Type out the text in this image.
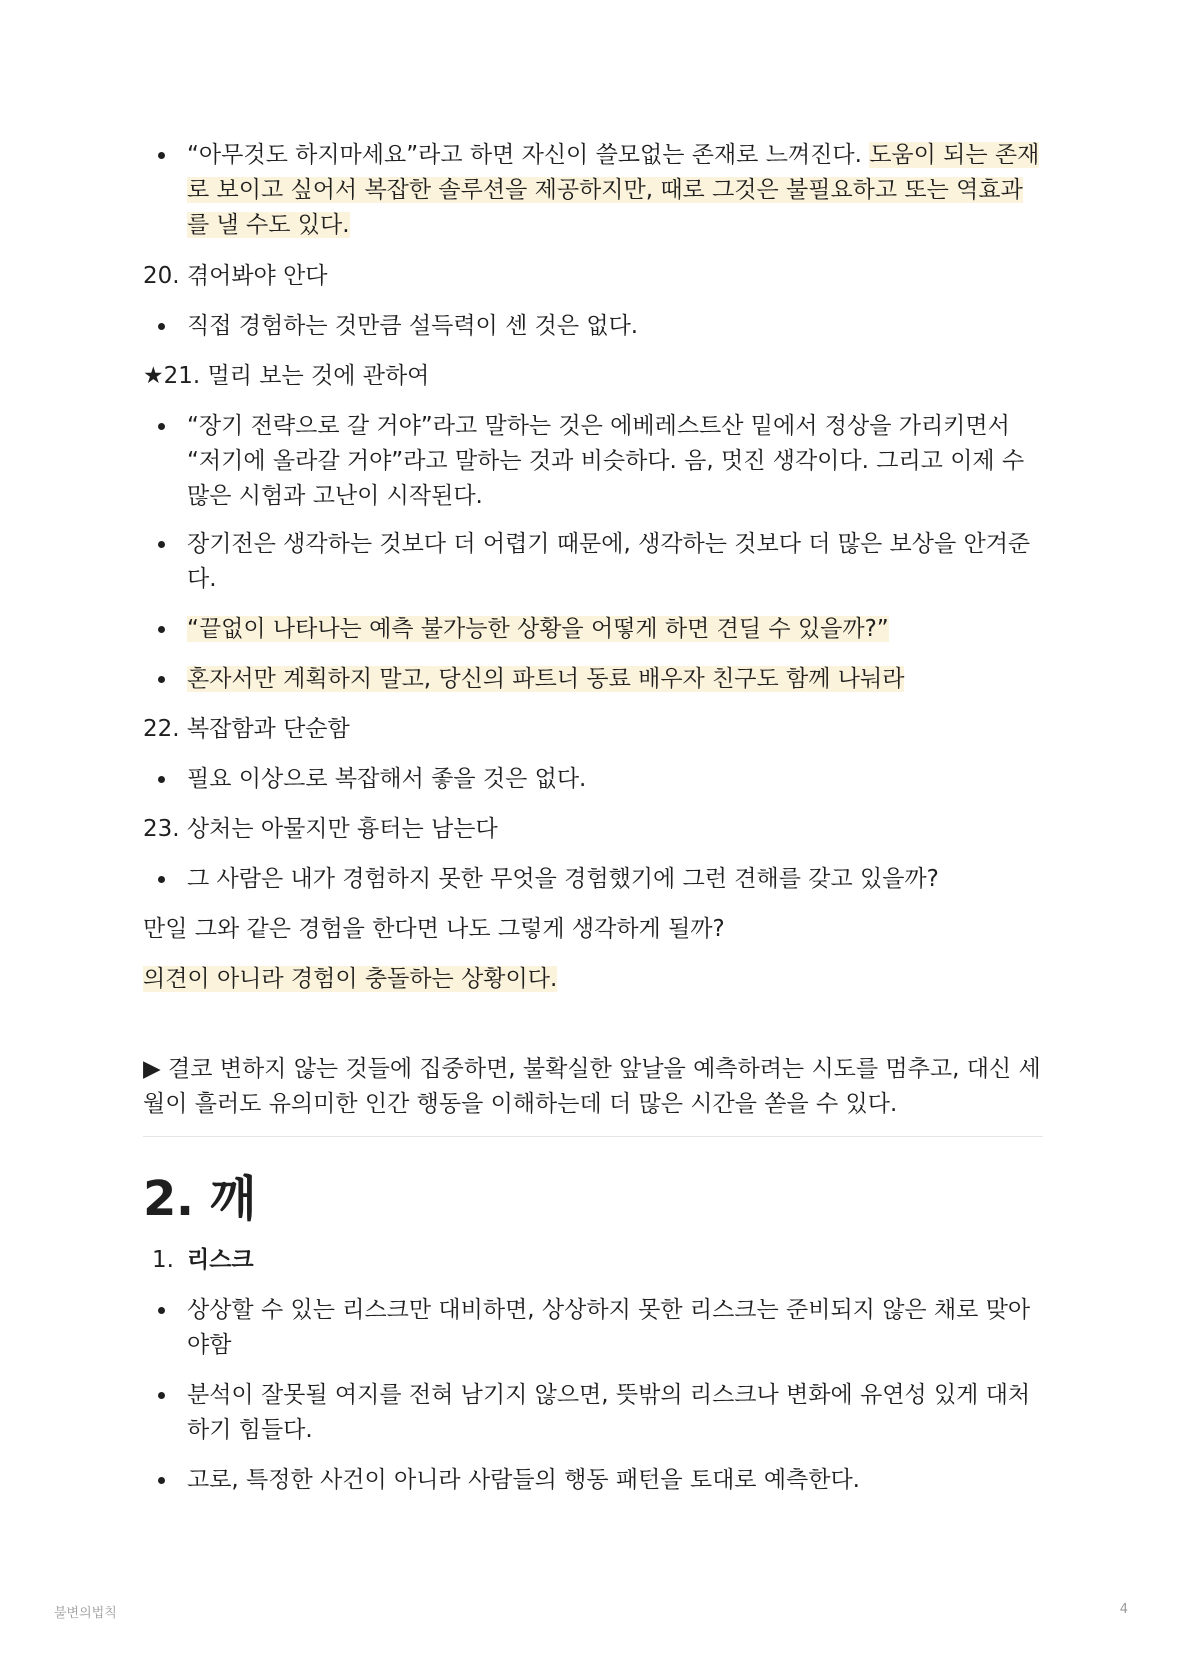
“아무것도 하지마세요”라고 하면 자신이 쓸모없는 존재로 느껴진다. 도움이 되는 존재로 보이고 싶어서 복잡한 솔루션을 제공하지만, 때로 그것은 불필요하고 또는 역효과를 낼 수도 있다.
20. 겪어봐야 안다
직접 경험하는 것만큼 설득력이 센 것은 없다.
★21. 멀리 보는 것에 관하여
“장기 전략으로 갈 거야”라고 말하는 것은 에베레스트산 밑에서 정상을 가리키면서 “저기에 올라갈 거야”라고 말하는 것과 비슷하다. 음, 멋진 생각이다. 그리고 이제 수많은 시험과 고난이 시작된다.
장기전은 생각하는 것보다 더 어렵기 때문에, 생각하는 것보다 더 많은 보상을 안겨준다.
“끝없이 나타나는 예측 불가능한 상황을 어떻게 하면 견딜 수 있을까?”
혼자서만 계획하지 말고, 당신의 파트너 동료 배우자 친구도 함께 나눠라
22. 복잡함과 단순함
필요 이상으로 복잡해서 좋을 것은 없다.
23. 상처는 아물지만 흉터는 남는다
그 사람은 내가 경험하지 못한 무엇을 경험했기에 그런 견해를 갖고 있을까?
만일 그와 같은 경험을 한다면 나도 그렇게 생각하게 될까?
의견이 아니라 경험이 충돌하는 상황이다.
▶ 결코 변하지 않는 것들에 집중하면, 불확실한 앞날을 예측하려는 시도를 멈추고, 대신 세월이 흘러도 유의미한 인간 행동을 이해하는데 더 많은 시간을 쏟을 수 있다.
2. 깨
1. 리스크
상상할 수 있는 리스크만 대비하면, 상상하지 못한 리스크는 준비되지 않은 채로 맞아야함
분석이 잘못될 여지를 전혀 남기지 않으면, 뜻밖의 리스크나 변화에 유연성 있게 대처하기 힘들다.
고로, 특정한 사건이 아니라 사람들의 행동 패턴을 토대로 예측한다.
불변의법칙	4
